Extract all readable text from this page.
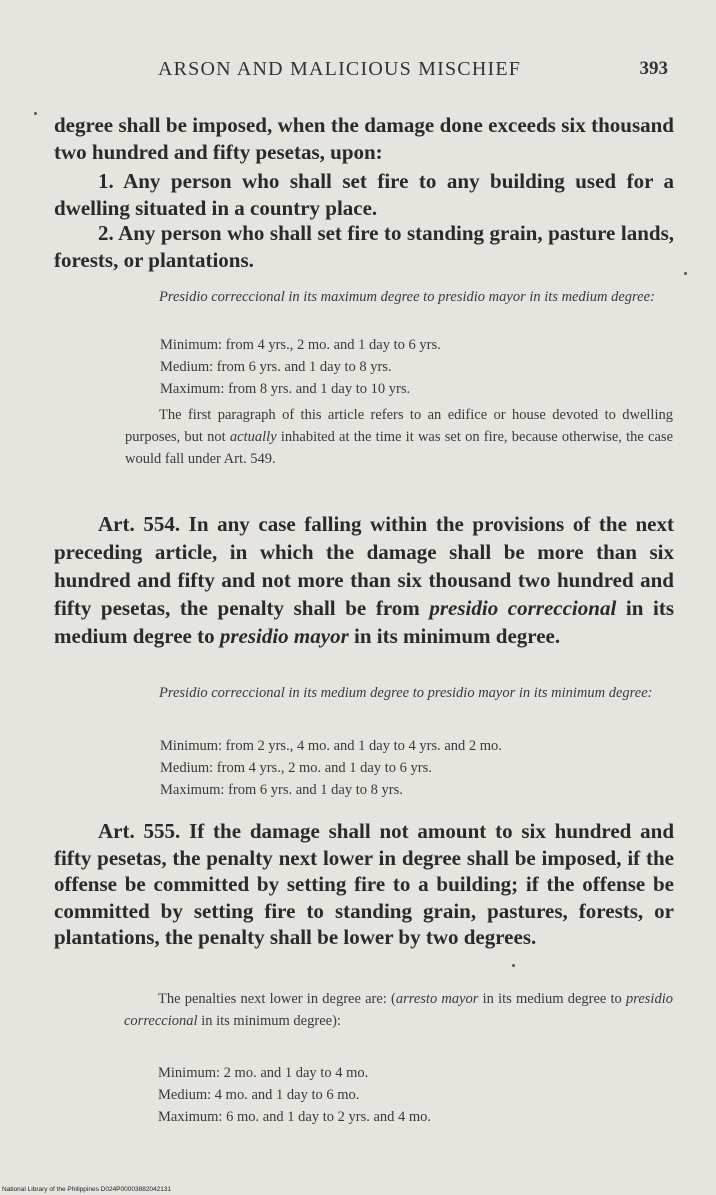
ARSON AND MALICIOUS MISCHIEF	393

degree shall be imposed, when the damage done exceeds six thousand two hundred and fifty pesetas, upon:

1. Any person who shall set fire to any building used for a dwelling situated in a country place.

2. Any person who shall set fire to standing grain, pasture lands, forests, or plantations.

Presidio correccional in its maximum degree to presidio mayor in its medium degree:

Minimum: from 4 yrs., 2 mo. and 1 day to 6 yrs.
Medium: from 6 yrs. and 1 day to 8 yrs.
Maximum: from 8 yrs. and 1 day to 10 yrs.

The first paragraph of this article refers to an edifice or house devoted to dwelling purposes, but not actually inhabited at the time it was set on fire, because otherwise, the case would fall under Art. 549.

Art. 554. In any case falling within the provisions of the next preceding article, in which the damage shall be more than six hundred and fifty and not more than six thousand two hundred and fifty pesetas, the penalty shall be from presidio correccional in its medium degree to presidio mayor in its minimum degree.

Presidio correccional in its medium degree to presidio mayor in its minimum degree:

Minimum: from 2 yrs., 4 mo. and 1 day to 4 yrs. and 2 mo.
Medium: from 4 yrs., 2 mo. and 1 day to 6 yrs.
Maximum: from 6 yrs. and 1 day to 8 yrs.

Art. 555. If the damage shall not amount to six hundred and fifty pesetas, the penalty next lower in degree shall be imposed, if the offense be committed by setting fire to a building; if the offense be committed by setting fire to standing grain, pastures, forests, or plantations, the penalty shall be lower by two degrees.

The penalties next lower in degree are: (arresto mayor in its medium degree to presidio correccional in its minimum degree):

Minimum: 2 mo. and 1 day to 4 mo.
Medium: 4 mo. and 1 day to 6 mo.
Maximum: 6 mo. and 1 day to 2 yrs. and 4 mo.
National Library of the Philippines D024P00003882042131
